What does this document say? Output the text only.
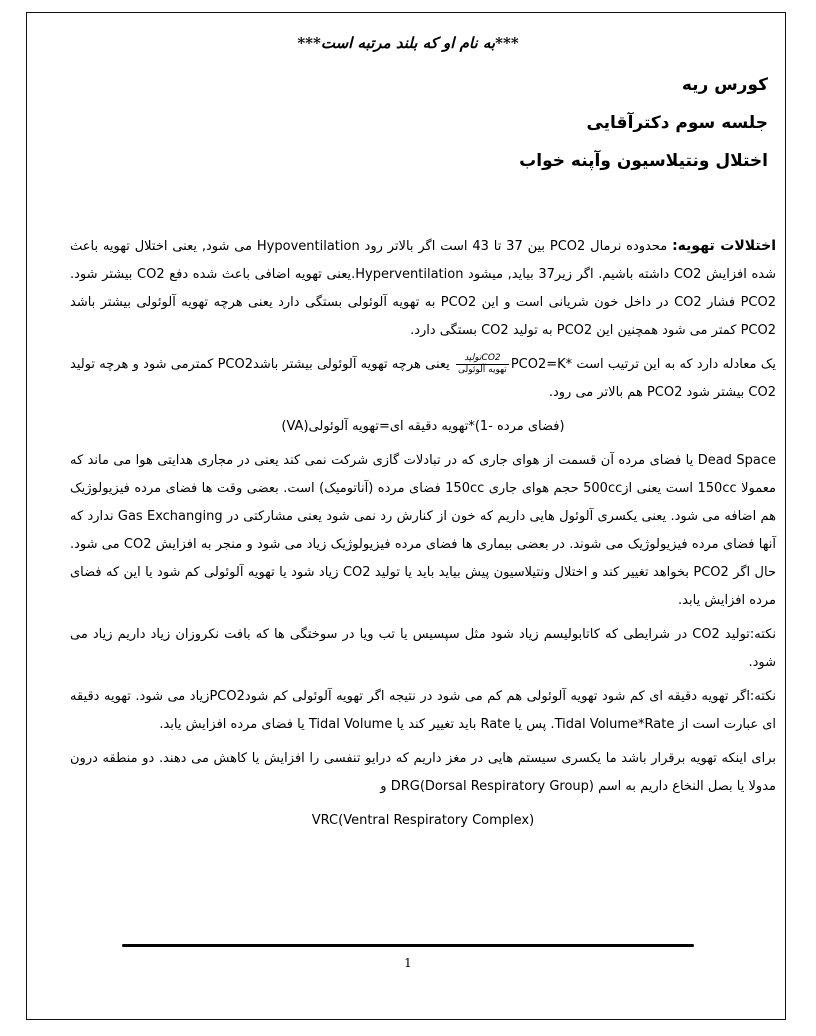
***به نام او که بلند مرتبه است***
کورس ریه
جلسه سوم دکترآقایی
اختلال ونتیلاسیون وآپنه خواب

اختلالات تهویه: محدوده نرمال PCO2 بین 37 تا 43 است اگر بالاتر رود Hypoventilation می شود, یعنی اختلال تهویه باعث شده افزایش CO2 داشته باشیم. اگر زیر37 بیاید, میشود Hyperventilation.یعنی تهویه اضافی باعث شده دفع CO2 بیشتر شود. PCO2 فشار CO2 در داخل خون شریانی است و این PCO2 به تهویه آلوئولی بستگی دارد یعنی هرچه تهویه آلوئولی بیشتر باشد PCO2 کمتر می شود همچنین این PCO2 به تولید CO2 بستگی دارد.

یک معادله دارد که به این ترتیب است PCO2=K*
$\frac{\text{CO2تولید}}{\text{تهویه آلوئولی}}$
یعنی هرچه تهویه آلوئولی بیشتر باشدPCO2 کمترمی شود و هرچه تولید CO2 بیشتر شود PCO2 هم بالاتر می رود.

(فضای مرده -1)*تهویه دقیقه ای=تهویه آلوئولی(VA)

Dead Space یا فضای مرده آن قسمت از هوای جاری که در تبادلات گازی شرکت نمی کند یعنی در مجاری هدایتی هوا می ماند که معمولا 150cc است یعنی از500cc حجم هوای جاری 150cc فضای مرده (آناتومیک) است. بعضی وقت ها فضای مرده فیزیولوژیک هم اضافه می شود. یعنی یکسری آلوئول هایی داریم که خون از کنارش رد نمی شود یعنی مشارکتی در Gas Exchanging ندارد که آنها فضای مرده فیزیولوژیک می شوند. در بعضی بیماری ها فضای مرده فیزیولوژیک زیاد می شود و منجر به افزایش CO2 می شود. حال اگر PCO2 بخواهد تغییر کند و اختلال ونتیلاسیون پیش بیاید باید یا تولید CO2 زیاد شود یا تهویه آلوئولی کم شود یا این که فضای مرده افزایش یابد.

نکته:تولید CO2 در شرایطی که کاتابولیسم زیاد شود مثل سپسیس یا تب ویا در سوختگی ها که بافت نکروزان زیاد داریم زیاد می شود.

نکته:اگر تهویه دقیقه ای کم شود تهویه آلوئولی هم کم می شود در نتیجه اگر تهویه آلوئولی کم شودPCO2زیاد می شود. تهویه دقیقه ای عبارت است از Tidal Volume*Rate. پس یا Rate باید تغییر کند یا Tidal Volume یا فضای مرده افزایش یابد.

برای اینکه تهویه برقرار باشد ما یکسری سیستم هایی در مغز داریم که درایو تنفسی را افزایش یا کاهش می دهند. دو منطقه درون مدولا یا بصل النخاع داریم به اسم DRG(Dorsal Respiratory Group) و

VRC(Ventral Respiratory Complex)

1
